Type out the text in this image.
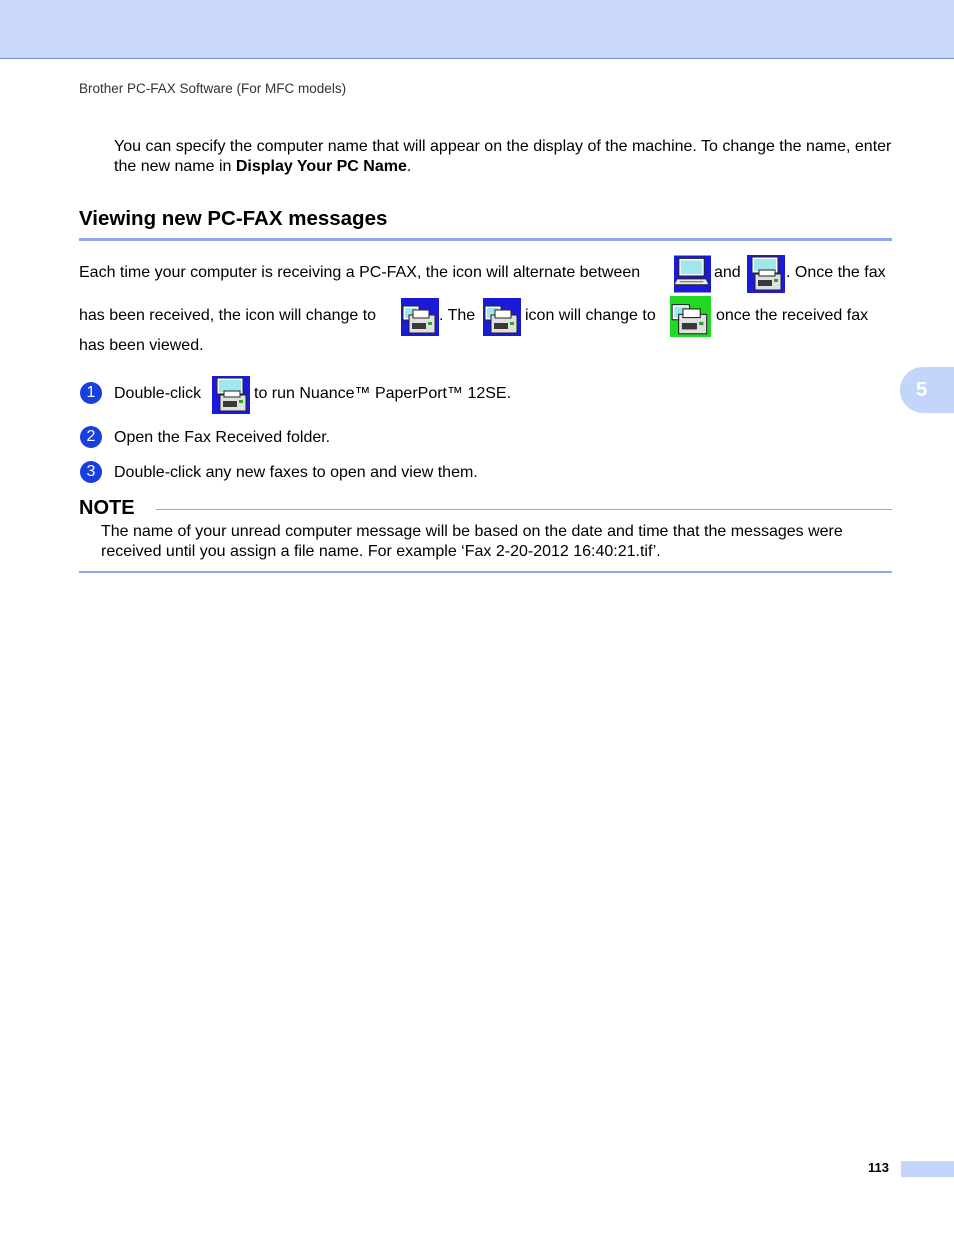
Brother PC-FAX Software (For MFC models)
You can specify the computer name that will appear on the display of the machine. To change the name, enter the new name in Display Your PC Name.
Viewing new PC-FAX messages
Each time your computer is receiving a PC-FAX, the icon will alternate between	and	. Once the fax
has been received, the icon will change to	. The	icon will change to	once the received fax
has been viewed.
1	Double-click	to run Nuance™ PaperPort™ 12SE.
2	Open the Fax Received folder.
3	Double-click any new faxes to open and view them.
NOTE
The name of your unread computer message will be based on the date and time that the messages were received until you assign a file name. For example ‘Fax 2-20-2012 16:40:21.tif’.
5
113
